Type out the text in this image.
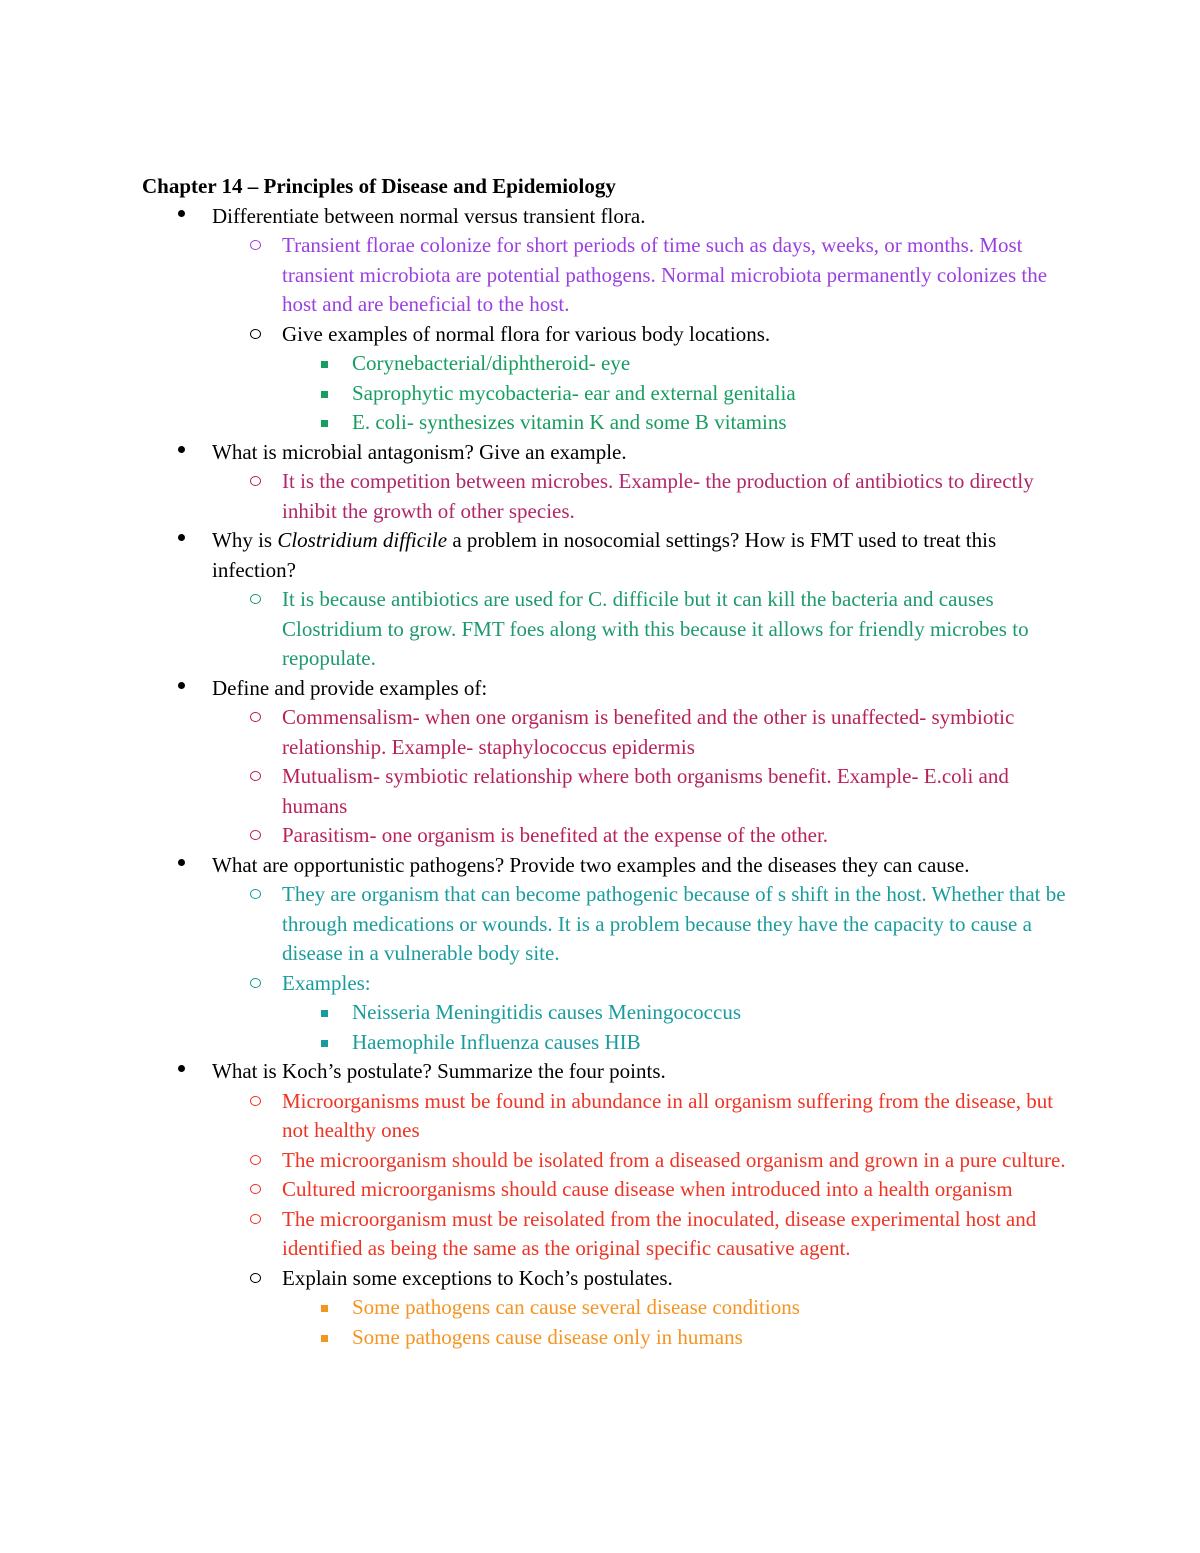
Chapter 14 – Principles of Disease and Epidemiology

Differentiate between normal versus transient flora.
Transient florae colonize for short periods of time such as days, weeks, or months. Most transient microbiota are potential pathogens. Normal microbiota permanently colonizes the host and are beneficial to the host.
Give examples of normal flora for various body locations.
Corynebacterial/diphtheroid- eye
Saprophytic mycobacteria- ear and external genitalia
E. coli- synthesizes vitamin K and some B vitamins
What is microbial antagonism? Give an example.
It is the competition between microbes. Example- the production of antibiotics to directly inhibit the growth of other species.
Why is Clostridium difficile a problem in nosocomial settings? How is FMT used to treat this infection?
It is because antibiotics are used for C. difficile but it can kill the bacteria and causes Clostridium to grow. FMT foes along with this because it allows for friendly microbes to repopulate.
Define and provide examples of:
Commensalism- when one organism is benefited and the other is unaffected- symbiotic relationship. Example- staphylococcus epidermis
Mutualism- symbiotic relationship where both organisms benefit. Example- E.coli and humans
Parasitism- one organism is benefited at the expense of the other.
What are opportunistic pathogens? Provide two examples and the diseases they can cause.
They are organism that can become pathogenic because of s shift in the host. Whether that be through medications or wounds. It is a problem because they have the capacity to cause a disease in a vulnerable body site.
Examples:
Neisseria Meningitidis causes Meningococcus
Haemophile Influenza causes HIB
What is Koch’s postulate? Summarize the four points.
Microorganisms must be found in abundance in all organism suffering from the disease, but not healthy ones
The microorganism should be isolated from a diseased organism and grown in a pure culture.
Cultured microorganisms should cause disease when introduced into a health organism
The microorganism must be reisolated from the inoculated, disease experimental host and identified as being the same as the original specific causative agent.
Explain some exceptions to Koch’s postulates.
Some pathogens can cause several disease conditions
Some pathogens cause disease only in humans
